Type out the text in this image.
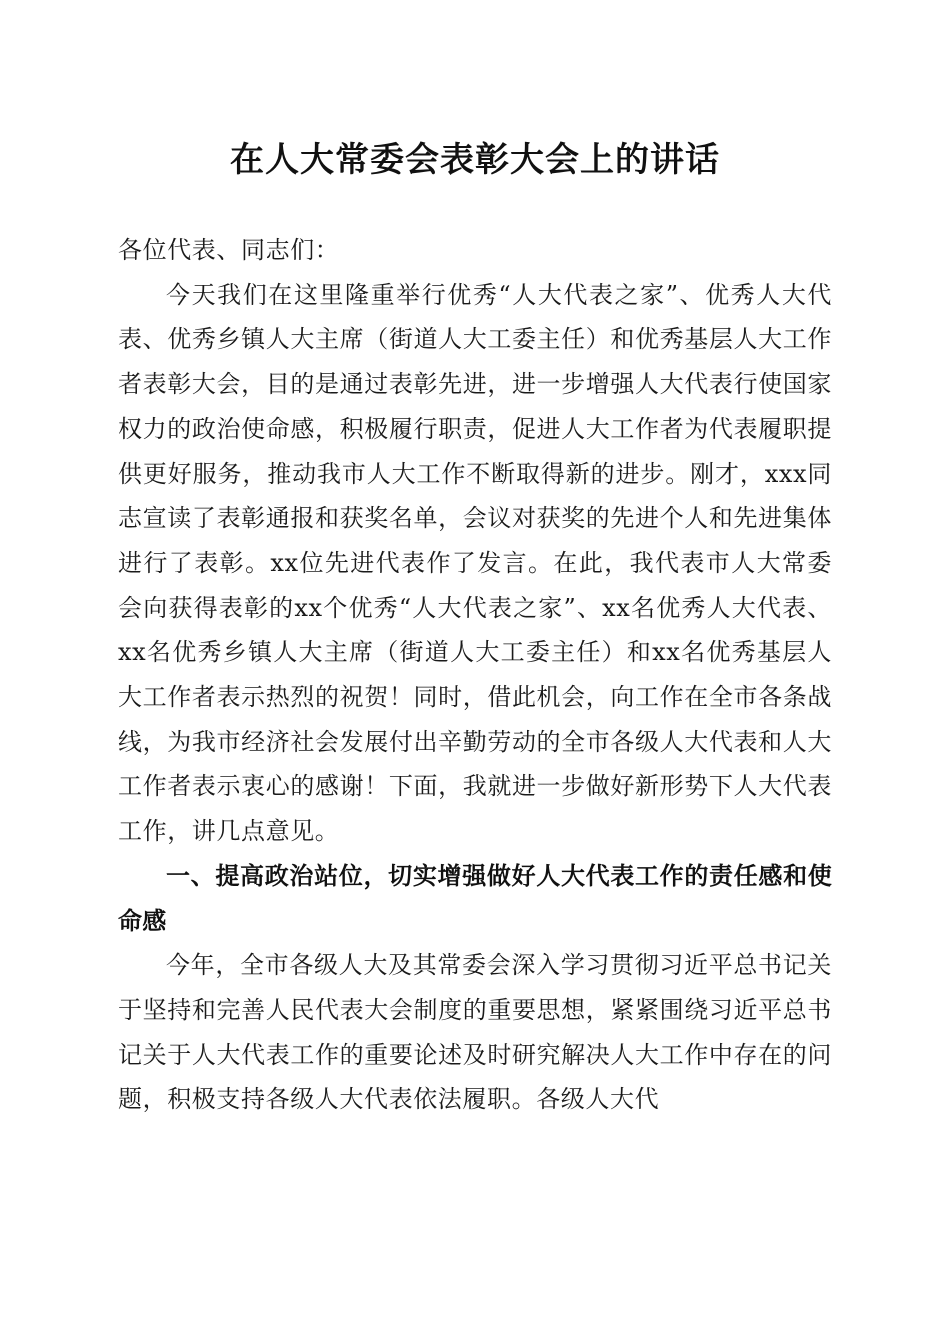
在人大常委会表彰大会上的讲话

各位代表、同志们：

今天我们在这里隆重举行优秀“人大代表之家”、优秀人大代表、优秀乡镇人大主席（街道人大工委主任）和优秀基层人大工作者表彰大会，目的是通过表彰先进，进一步增强人大代表行使国家权力的政治使命感，积极履行职责，促进人大工作者为代表履职提供更好服务，推动我市人大工作不断取得新的进步。刚才，xxx同志宣读了表彰通报和获奖名单，会议对获奖的先进个人和先进集体进行了表彰。xx位先进代表作了发言。在此，我代表市人大常委会向获得表彰的xx个优秀“人大代表之家”、xx名优秀人大代表、xx名优秀乡镇人大主席（街道人大工委主任）和xx名优秀基层人大工作者表示热烈的祝贺！同时，借此机会，向工作在全市各条战线，为我市经济社会发展付出辛勤劳动的全市各级人大代表和人大工作者表示衷心的感谢！下面，我就进一步做好新形势下人大代表工作，讲几点意见。

一、提高政治站位，切实增强做好人大代表工作的责任感和使命感

今年，全市各级人大及其常委会深入学习贯彻习近平总书记关于坚持和完善人民代表大会制度的重要思想，紧紧围绕习近平总书记关于人大代表工作的重要论述及时研究解决人大工作中存在的问题，积极支持各级人大代表依法履职。各级人大代
